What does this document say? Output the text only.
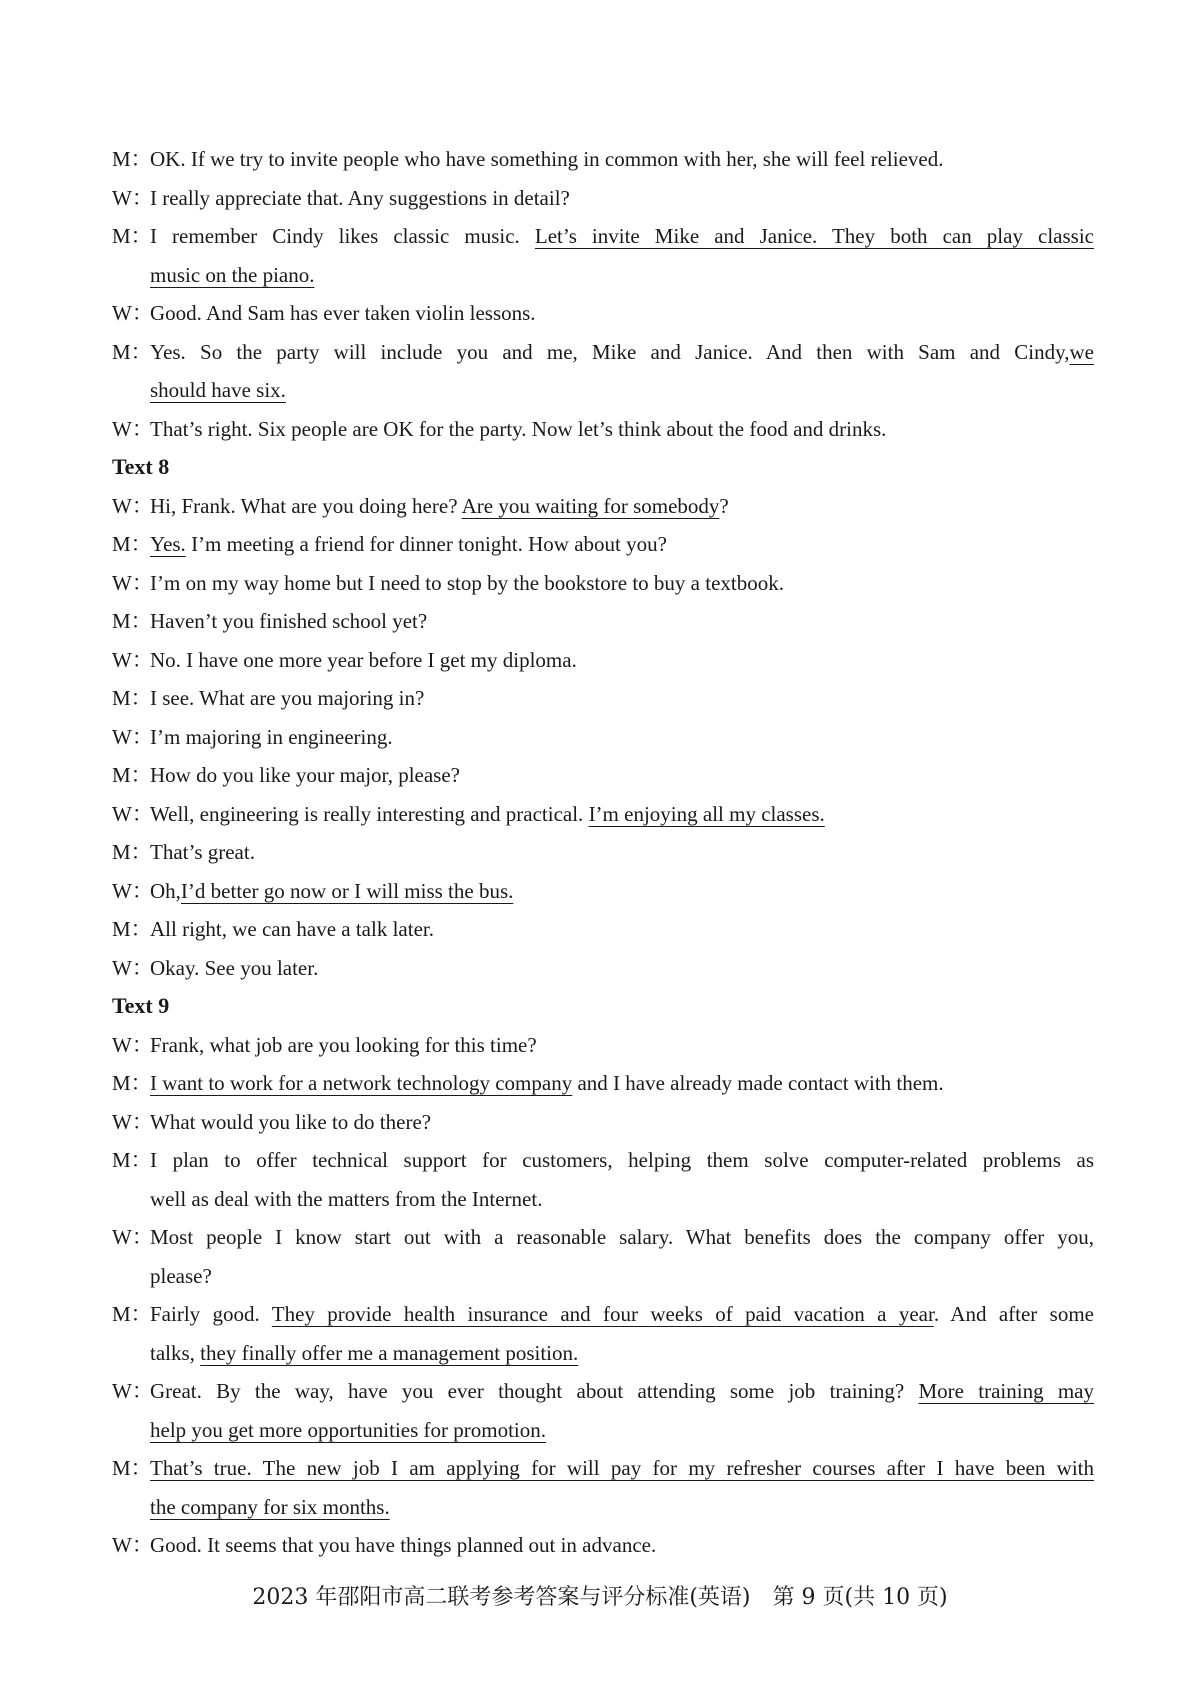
M：OK. If we try to invite people who have something in common with her, she will feel relieved.
W：I really appreciate that. Any suggestions in detail?
M：I remember Cindy likes classic music. Let’s invite Mike and Janice. They both can play classic
music on the piano.
W：Good. And Sam has ever taken violin lessons.
M：Yes. So the party will include you and me, Mike and Janice. And then with Sam and Cindy,we
should have six.
W：That’s right. Six people are OK for the party. Now let’s think about the food and drinks.
Text 8
W：Hi, Frank. What are you doing here? Are you waiting for somebody?
M：Yes. I’m meeting a friend for dinner tonight. How about you?
W：I’m on my way home but I need to stop by the bookstore to buy a textbook.
M：Haven’t you finished school yet?
W：No. I have one more year before I get my diploma.
M：I see. What are you majoring in?
W：I’m majoring in engineering.
M：How do you like your major, please?
W：Well, engineering is really interesting and practical. I’m enjoying all my classes.
M：That’s great.
W：Oh,I’d better go now or I will miss the bus.
M：All right, we can have a talk later.
W：Okay. See you later.
Text 9
W：Frank, what job are you looking for this time?
M：I want to work for a network technology company and I have already made contact with them.
W：What would you like to do there?
M：I plan to offer technical support for customers, helping them solve computer-related problems as
well as deal with the matters from the Internet.
W：Most people I know start out with a reasonable salary. What benefits does the company offer you,
please?
M：Fairly good. They provide health insurance and four weeks of paid vacation a year. And after some
talks, they finally offer me a management position.
W：Great. By the way, have you ever thought about attending some job training? More training may
help you get more opportunities for promotion.
M：That’s true. The new job I am applying for will pay for my refresher courses after I have been with
the company for six months.
W：Good. It seems that you have things planned out in advance.
2023 年邵阳市高二联考参考答案与评分标准(英语)　第 9 页(共 10 页)
